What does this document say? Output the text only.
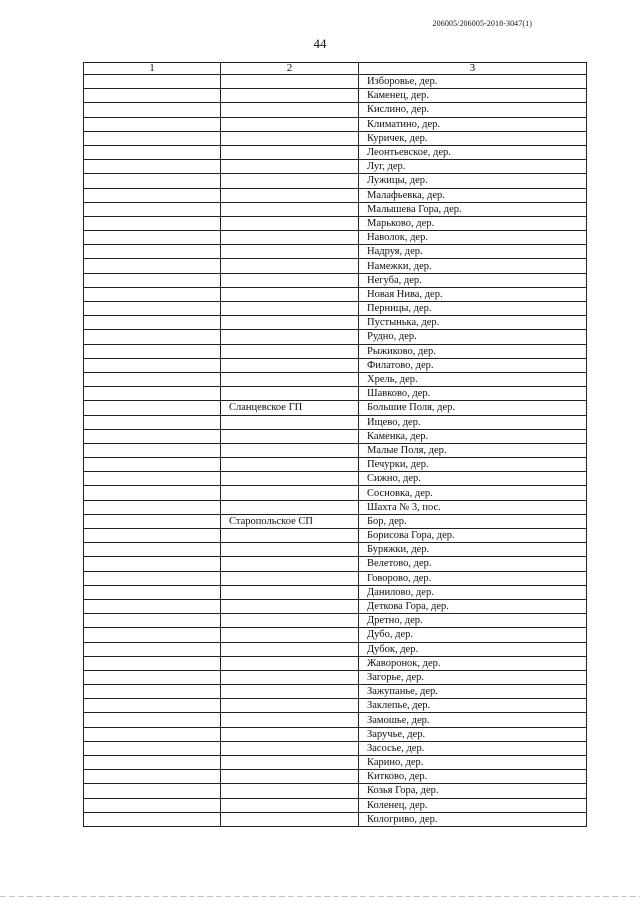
206005/206005-2018-3047(1)
44
1	2	3
		Изборовье, дер.
		Каменец, дер.
		Кислино, дер.
		Климатино, дер.
		Куричек, дер.
		Леонтьевское, дер.
		Луг, дер.
		Лужицы, дер.
		Малафьевка, дер.
		Малышева Гора, дер.
		Марьково, дер.
		Наволок, дер.
		Надруя, дер.
		Намежки, дер.
		Негуба, дер.
		Новая Нива, дер.
		Перницы, дер.
		Пустынька, дер.
		Рудно, дер.
		Рыжиково, дер.
		Филатово, дер.
		Хрель, дер.
		Шавково, дер.
	Сланцевское ГП	Большие Поля, дер.
		Ищево, дер.
		Каменка, дер.
		Малые Поля, дер.
		Печурки, дер.
		Сижно, дер.
		Сосновка, дер.
		Шахта № 3, пос.
	Старопольское СП	Бор, дер.
		Борисова Гора, дер.
		Буряжки, дер.
		Велетово, дер.
		Говорово, дер.
		Данилово, дер.
		Деткова Гора, дер.
		Дретно, дер.
		Дубо, дер.
		Дубок, дер.
		Жаворонок, дер.
		Загорье, дер.
		Зажупанье, дер.
		Заклепье, дер.
		Замошье, дер.
		Заручье, дер.
		Засосье, дер.
		Карино, дер.
		Китково, дер.
		Козья Гора, дер.
		Коленец, дер.
		Кологриво, дер.
